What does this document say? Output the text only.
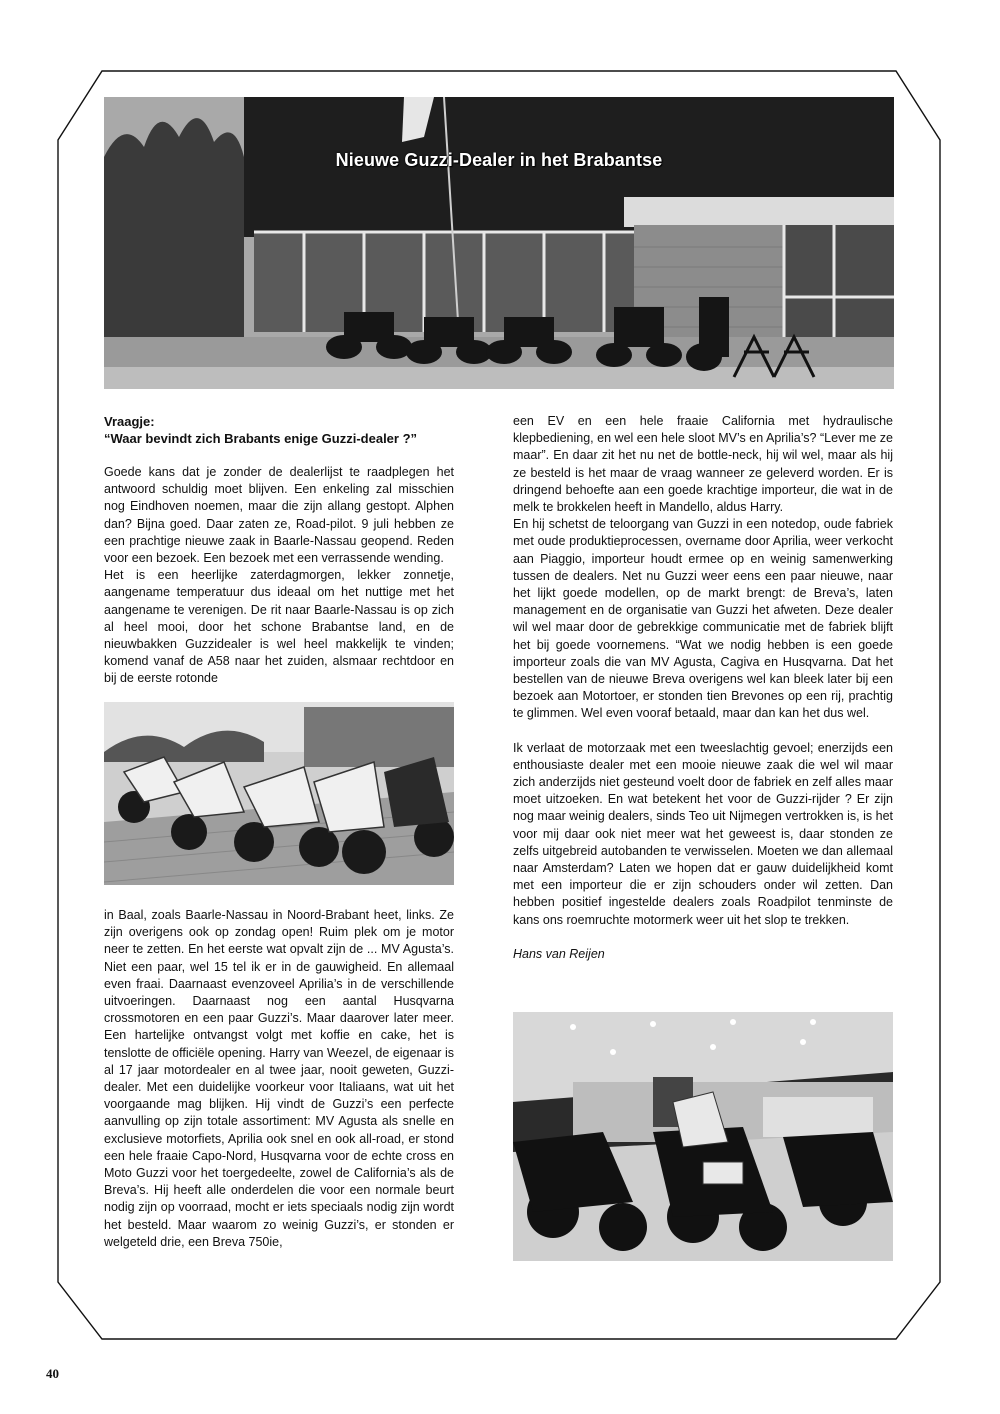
Nieuwe Guzzi-Dealer in het Brabantse
Vraagje:
“Waar bevindt zich Brabants enige Guzzi-dealer ?”

Goede kans dat je zonder de dealerlijst te raadplegen het antwoord schuldig moet blijven. Een enkeling zal misschien nog Eindhoven noemen, maar die zijn allang gestopt. Alphen dan? Bijna goed. Daar zaten ze, Road-pilot. 9 juli hebben ze een prachtige nieuwe zaak in Baarle-Nassau geopend. Reden voor een bezoek. Een bezoek met een verrassende wending.

Het is een heerlijke zaterdagmorgen, lekker zonnetje, aangename temperatuur dus ideaal om het nuttige met het aangename te verenigen. De rit naar Baarle-Nassau is op zich al heel mooi, door het schone Brabantse land, en de nieuwbakken Guzzidealer is wel heel makkelijk te vinden; komend vanaf de A58 naar het zuiden, alsmaar rechtdoor en bij de eerste rotonde

in Baal, zoals Baarle-Nassau in Noord-Brabant heet, links. Ze zijn overigens ook op zondag open! Ruim plek om je motor neer te zetten. En het eerste wat opvalt zijn de ... MV Agusta’s. Niet een paar, wel 15 tel ik er in de gauwigheid. En allemaal even fraai. Daarnaast evenzoveel Aprilia’s in de verschillende uitvoeringen. Daarnaast nog een aantal Husqvarna crossmotoren en een paar Guzzi’s. Maar daarover later meer. Een hartelijke ontvangst volgt met koffie en cake, het is tenslotte de officiële opening. Harry van Weezel, de eigenaar is al 17 jaar motordealer en al twee jaar, nooit geweten, Guzzi-dealer. Met een duidelijke voorkeur voor Italiaans, wat uit het voorgaande mag blijken. Hij vindt de Guzzi’s een perfecte aanvulling op zijn totale assortiment: MV Agusta als snelle en exclusieve motorfiets, Aprilia ook snel en ook all-road, er stond een hele fraaie Capo-Nord, Husqvarna voor de echte cross en Moto Guzzi voor het toergedeelte, zowel de California’s als de Breva’s. Hij heeft alle onderdelen die voor een normale beurt nodig zijn op voorraad, mocht er iets speciaals nodig zijn wordt het besteld. Maar waarom zo weinig Guzzi’s, er stonden er welgeteld drie, een Breva 750ie,

een EV en een hele fraaie California met hydraulische klepbediening, en wel een hele sloot MV’s en Aprilia’s? “Lever me ze maar”. En daar zit het nu net de bottle-neck, hij wil wel, maar als hij ze besteld is het maar de vraag wanneer ze geleverd worden. Er is dringend behoefte aan een goede krachtige importeur, die wat in de melk te brokkelen heeft in Mandello, aldus Harry.

En hij schetst de teloorgang van Guzzi in een notedop, oude fabriek met oude produktieprocessen, overname door Aprilia, weer verkocht aan Piaggio, importeur houdt ermee op en weinig samenwerking tussen de dealers. Net nu Guzzi weer eens een paar nieuwe, naar het lijkt goede modellen, op de markt brengt: de Breva’s, laten management en de organisatie van Guzzi het afweten. Deze dealer wil wel maar door de gebrekkige communicatie met de fabriek blijft het bij goede voornemens. “Wat we nodig hebben is een goede importeur zoals die van MV Agusta, Cagiva en Husqvarna. Dat het bestellen van de nieuwe Breva overigens wel kan bleek later bij een bezoek aan Motortoer, er stonden tien Brevones op een rij, prachtig te glimmen. Wel even vooraf betaald, maar dan kan het dus wel.

Ik verlaat de motorzaak met een tweeslachtig gevoel; enerzijds een enthousiaste dealer met een mooie nieuwe zaak die wel wil maar zich anderzijds niet gesteund voelt door de fabriek en zelf alles maar moet uitzoeken. En wat betekent het voor de Guzzi-rijder ? Er zijn nog maar weinig dealers, sinds Teo uit Nijmegen vertrokken is, is het voor mij daar ook niet meer wat het geweest is, daar stonden ze zelfs uitgebreid autobanden te verwisselen. Moeten we dan allemaal naar Amsterdam? Laten we hopen dat er gauw duidelijkheid komt met een importeur die er zijn schouders onder wil zetten. Dan hebben positief ingestelde dealers zoals Roadpilot tenminste de kans ons roemruchte motormerk weer uit het slop te trekken.

Hans van Reijen

40
